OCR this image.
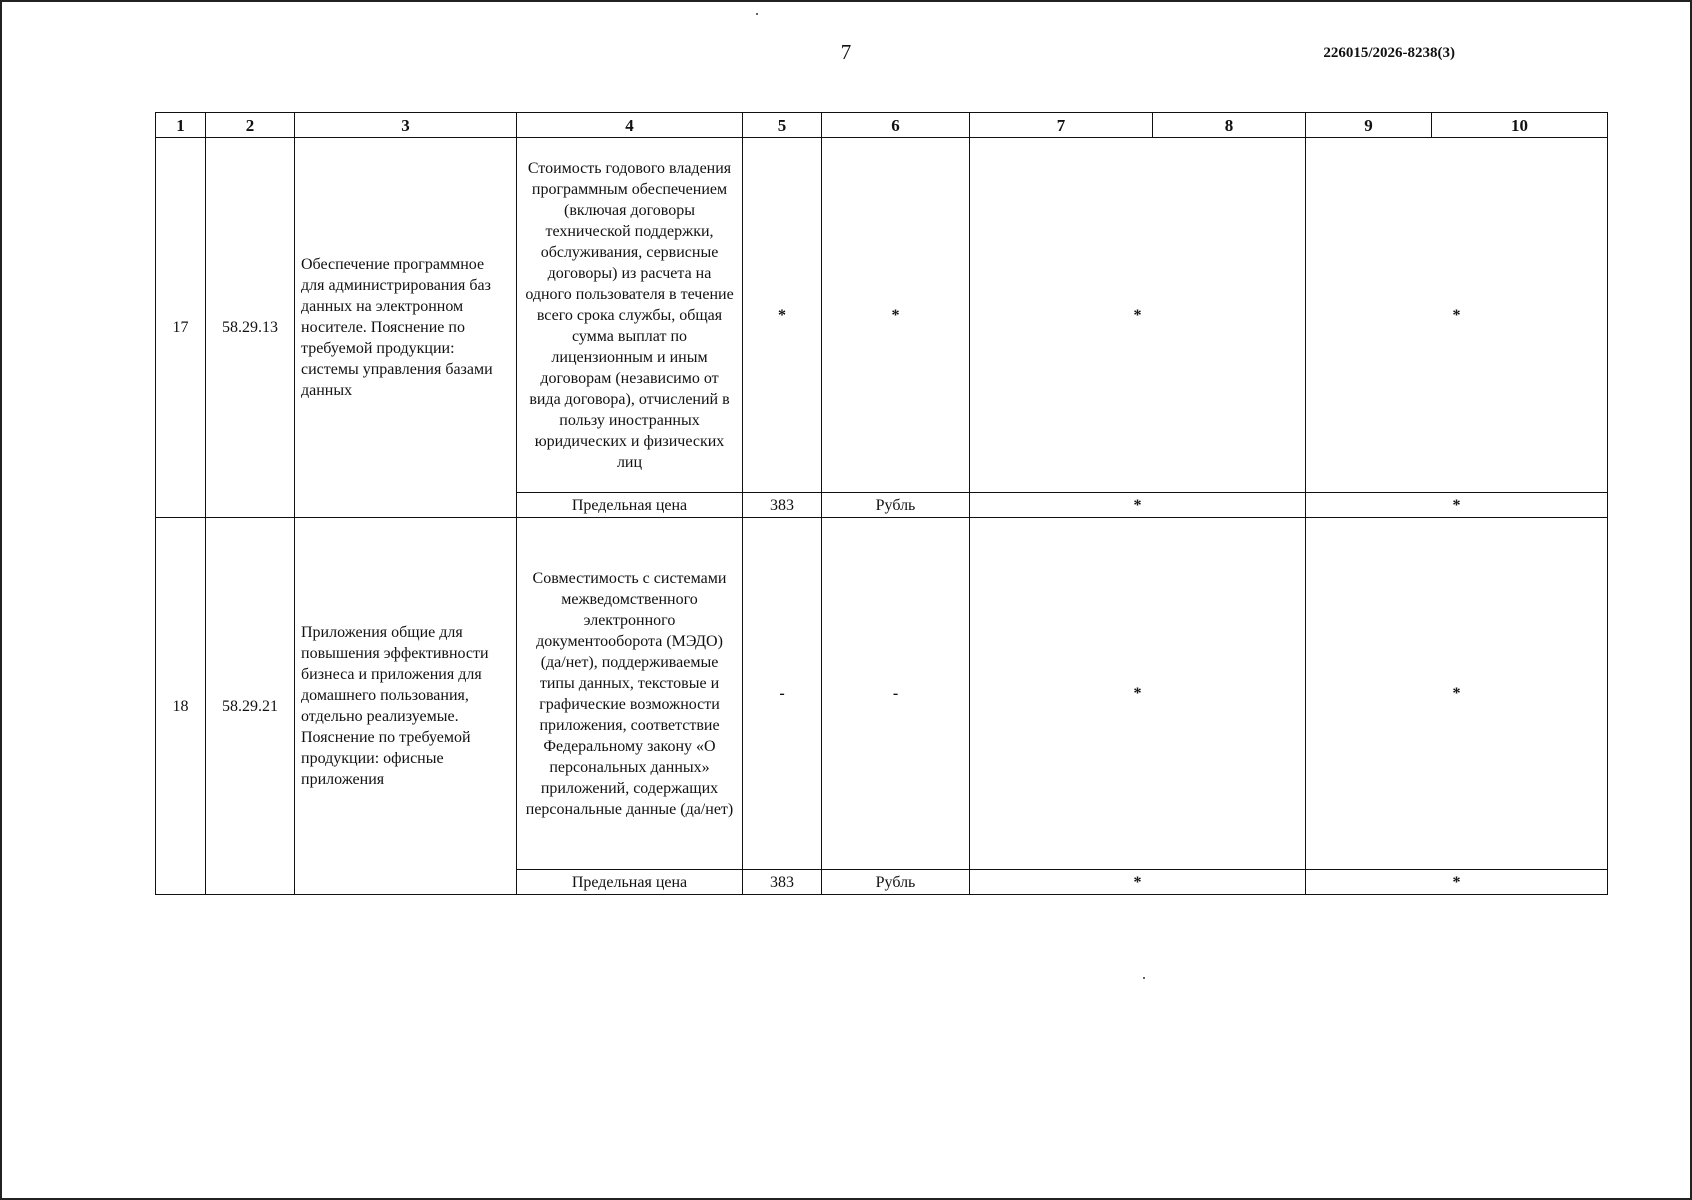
7	226015/2026-8238(3)
1	2	3	4	5	6	7	8	9	10
17	58.29.13	Обеспечение программное для администрирования баз данных на электронном носителе. Пояснение по требуемой продукции: системы управления базами данных	Стоимость годового владения программным обеспечением (включая договоры технической поддержки, обслуживания, сервисные договоры) из расчета на одного пользователя в течение всего срока службы, общая сумма выплат по лицензионным и иным договорам (независимо от вида договора), отчислений в пользу иностранных юридических и физических лиц	*	*	*		*	
			Предельная цена	383	Рубль	*		*	
18	58.29.21	Приложения общие для повышения эффективности бизнеса и приложения для домашнего пользования, отдельно реализуемые. Пояснение по требуемой продукции: офисные приложения	Совместимость с системами межведомственного электронного документооборота (МЭДО) (да/нет), поддерживаемые типы данных, текстовые и графические возможности приложения, соответствие Федеральному закону «О персональных данных» приложений, содержащих персональные данные (да/нет)	-	-	*		*	
			Предельная цена	383	Рубль	*		*	
